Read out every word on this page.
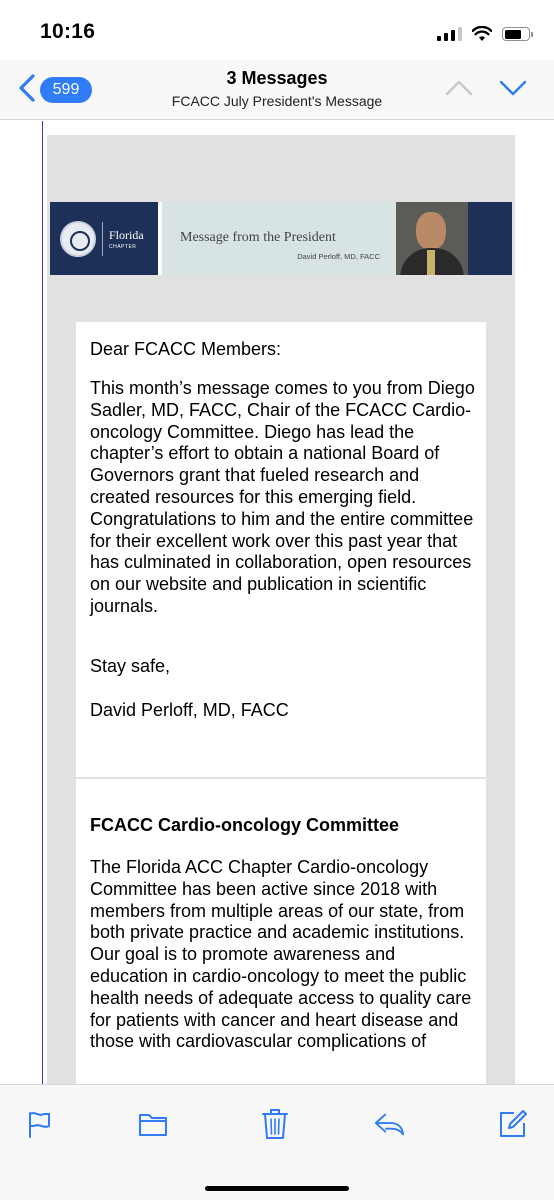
10:16
599
3 Messages
FCACC July President's Message
Florida
CHAPTER
Message from the President
David Perloff, MD, FACC

Dear FCACC Members:

This month’s message comes to you from Diego Sadler, MD, FACC, Chair of the FCACC Cardio-oncology Committee. Diego has lead the chapter’s effort to obtain a national Board of Governors grant that fueled research and created resources for this emerging field. Congratulations to him and the entire committee for their excellent work over this past year that has culminated in collaboration, open resources on our website and publication in scientific journals.

Stay safe,

David Perloff, MD, FACC

FCACC Cardio-oncology Committee

The Florida ACC Chapter Cardio-oncology Committee has been active since 2018 with members from multiple areas of our state, from both private practice and academic institutions. Our goal is to promote awareness and education in cardio-oncology to meet the public health needs of adequate access to quality care for patients with cancer and heart disease and those with cardiovascular complications of
